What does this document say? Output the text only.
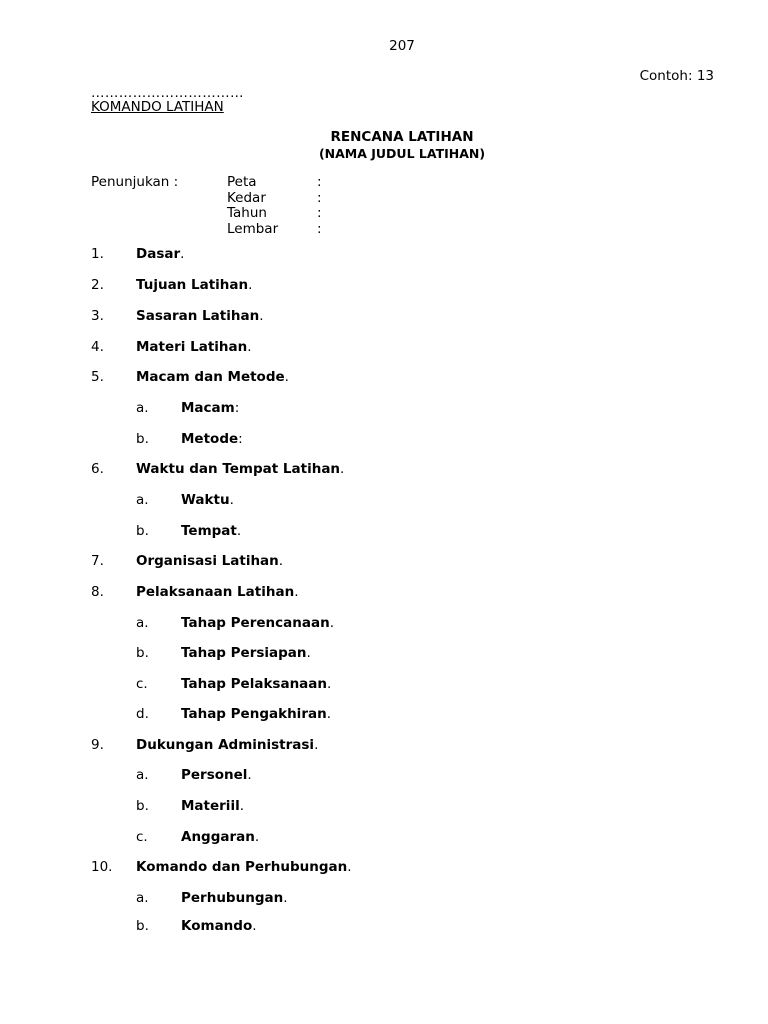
207
Contoh: 13
……………………………
KOMANDO LATIHAN
RENCANA LATIHAN
(NAMA JUDUL LATIHAN)
Penunjukan :	Peta	:
Kedar	:
Tahun	:
Lembar	:
1. Dasar.
2. Tujuan Latihan.
3. Sasaran Latihan.
4. Materi Latihan.
5. Macam dan Metode.
a. Macam:
b. Metode:
6. Waktu dan Tempat Latihan.
a. Waktu.
b. Tempat.
7. Organisasi Latihan.
8. Pelaksanaan Latihan.
a. Tahap Perencanaan.
b. Tahap Persiapan.
c. Tahap Pelaksanaan.
d. Tahap Pengakhiran.
9. Dukungan Administrasi.
a. Personel.
b. Materiil.
c. Anggaran.
10. Komando dan Perhubungan.
a. Perhubungan.
b. Komando.
